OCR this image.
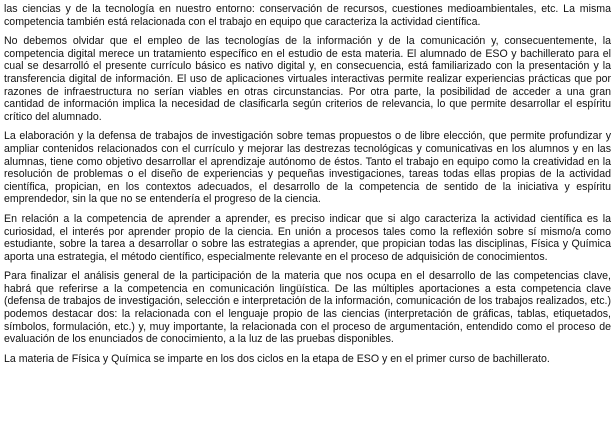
las ciencias y de la tecnología en nuestro entorno: conservación de recursos, cuestiones medioambientales, etc. La misma competencia también está relacionada con el trabajo en equipo que caracteriza la actividad científica.

No debemos olvidar que el empleo de las tecnologías de la información y de la comunicación y, consecuentemente, la competencia digital merece un tratamiento específico en el estudio de esta materia. El alumnado de ESO y bachillerato para el cual se desarrolló el presente currículo básico es nativo digital y, en consecuencia, está familiarizado con la presentación y la transferencia digital de información. El uso de aplicaciones virtuales interactivas permite realizar experiencias prácticas que por razones de infraestructura no serían viables en otras circunstancias. Por otra parte, la posibilidad de acceder a una gran cantidad de información implica la necesidad de clasificarla según criterios de relevancia, lo que permite desarrollar el espíritu crítico del alumnado.

La elaboración y la defensa de trabajos de investigación sobre temas propuestos o de libre elección, que permite profundizar y ampliar contenidos relacionados con el currículo y mejorar las destrezas tecnológicas y comunicativas en los alumnos y en las alumnas, tiene como objetivo desarrollar el aprendizaje autónomo de éstos. Tanto el trabajo en equipo como la creatividad en la resolución de problemas o el diseño de experiencias y pequeñas investigaciones, tareas todas ellas propias de la actividad científica, propician, en los contextos adecuados, el desarrollo de la competencia de sentido de la iniciativa y espíritu emprendedor, sin la que no se entendería el progreso de la ciencia.

En relación a la competencia de aprender a aprender, es preciso indicar que si algo caracteriza la actividad científica es la curiosidad, el interés por aprender propio de la ciencia. En unión a procesos tales como la reflexión sobre sí mismo/a como estudiante, sobre la tarea a desarrollar o sobre las estrategias a aprender, que propician todas las disciplinas, Física y Química aporta una estrategia, el método científico, especialmente relevante en el proceso de adquisición de conocimientos.

Para finalizar el análisis general de la participación de la materia que nos ocupa en el desarrollo de las competencias clave, habrá que referirse a la competencia en comunicación lingüística. De las múltiples aportaciones a esta competencia clave (defensa de trabajos de investigación, selección e interpretación de la información, comunicación de los trabajos realizados, etc.) podemos destacar dos: la relacionada con el lenguaje propio de las ciencias (interpretación de gráficas, tablas, etiquetados, símbolos, formulación, etc.) y, muy importante, la relacionada con el proceso de argumentación, entendido como el proceso de evaluación de los enunciados de conocimiento, a la luz de las pruebas disponibles.

La materia de Física y Química se imparte en los dos ciclos en la etapa de ESO y en el primer curso de bachillerato.
